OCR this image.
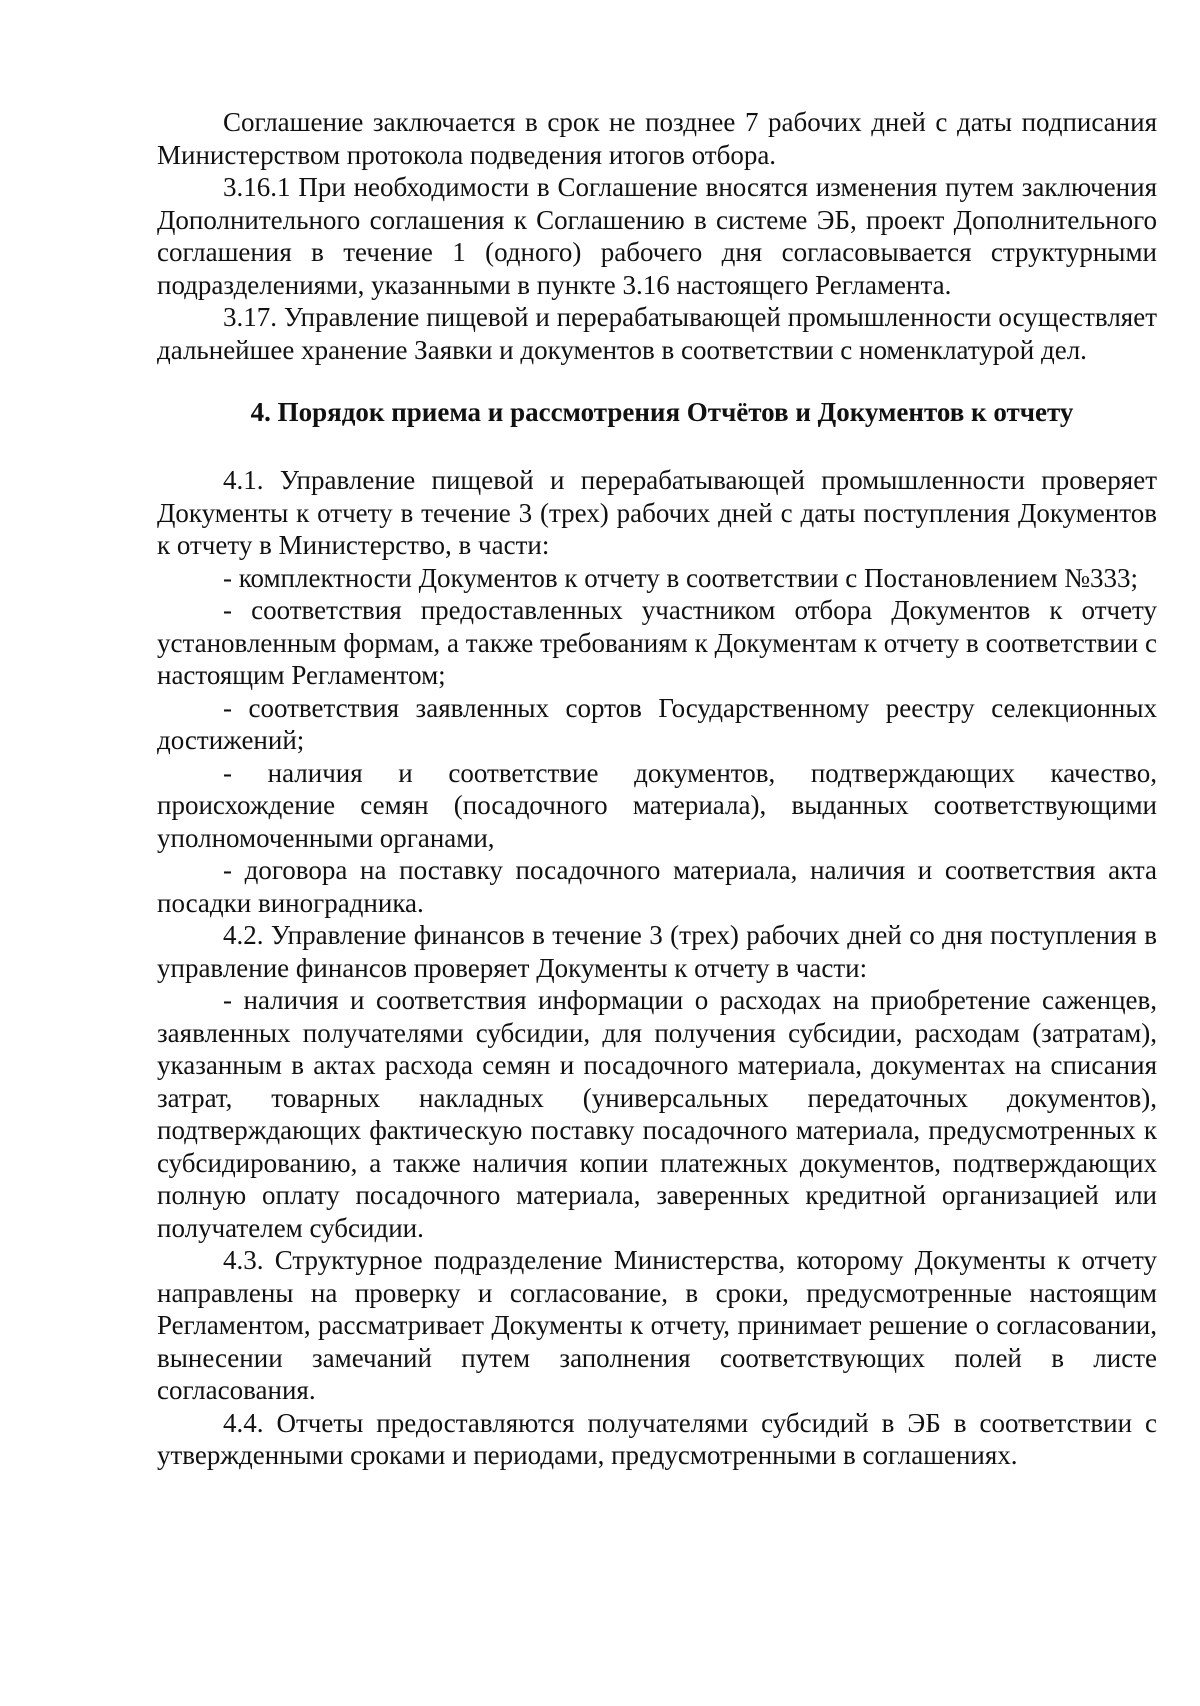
Соглашение заключается в срок не позднее 7 рабочих дней с даты подписания Министерством протокола подведения итогов отбора.

3.16.1 При необходимости в Соглашение вносятся изменения путем заключения Дополнительного соглашения к Соглашению в системе ЭБ, проект Дополнительного соглашения в течение 1 (одного) рабочего дня согласовывается структурными подразделениями, указанными в пункте 3.16 настоящего Регламента.

3.17. Управление пищевой и перерабатывающей промышленности осуществляет дальнейшее хранение Заявки и документов в соответствии с номенклатурой дел.

4. Порядок приема и рассмотрения Отчётов и Документов к отчету

4.1. Управление пищевой и перерабатывающей промышленности проверяет Документы к отчету в течение 3 (трех) рабочих дней с даты поступления Документов к отчету в Министерство, в части:

- комплектности Документов к отчету в соответствии с Постановлением №333;

- соответствия предоставленных участником отбора Документов к отчету установленным формам, а также требованиям к Документам к отчету в соответствии с настоящим Регламентом;

- соответствия заявленных сортов Государственному реестру селекционных достижений;

- наличия и соответствие документов, подтверждающих качество, происхождение семян (посадочного материала), выданных соответствующими уполномоченными органами,

- договора на поставку посадочного материала, наличия и соответствия акта посадки виноградника.

4.2. Управление финансов в течение 3 (трех) рабочих дней со дня поступления в управление финансов проверяет Документы к отчету в части:

- наличия и соответствия информации о расходах на приобретение саженцев, заявленных получателями субсидии, для получения субсидии, расходам (затратам), указанным в актах расхода семян и посадочного материала, документах на списания затрат, товарных накладных (универсальных передаточных документов), подтверждающих фактическую поставку посадочного материала, предусмотренных к субсидированию, а также наличия копии платежных документов, подтверждающих полную оплату посадочного материала, заверенных кредитной организацией или получателем субсидии.

4.3. Структурное подразделение Министерства, которому Документы к отчету направлены на проверку и согласование, в сроки, предусмотренные настоящим Регламентом, рассматривает Документы к отчету, принимает решение о согласовании, вынесении замечаний путем заполнения соответствующих полей в листе согласования.

4.4. Отчеты предоставляются получателями субсидий в ЭБ в соответствии с утвержденными сроками и периодами, предусмотренными в соглашениях.
